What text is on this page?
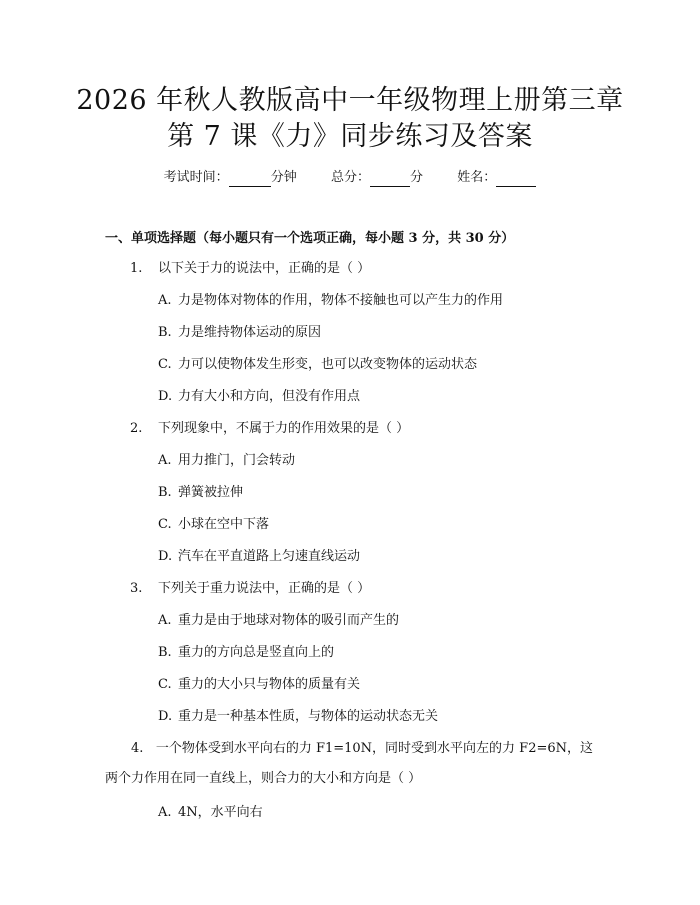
2026 年秋人教版高中一年级物理上册第三章
第 7 课《力》同步练习及答案
考试时间：	分钟	总分：	分	姓名：
一、单项选择题（每小题只有一个选项正确，每小题 3 分，共 30 分）
1. 以下关于力的说法中，正确的是（ ）
A. 力是物体对物体的作用，物体不接触也可以产生力的作用
B. 力是维持物体运动的原因
C. 力可以使物体发生形变，也可以改变物体的运动状态
D. 力有大小和方向，但没有作用点
2. 下列现象中，不属于力的作用效果的是（ ）
A. 用力推门，门会转动
B. 弹簧被拉伸
C. 小球在空中下落
D. 汽车在平直道路上匀速直线运动
3. 下列关于重力说法中，正确的是（ ）
A. 重力是由于地球对物体的吸引而产生的
B. 重力的方向总是竖直向上的
C. 重力的大小只与物体的质量有关
D. 重力是一种基本性质，与物体的运动状态无关
4. 一个物体受到水平向右的力 F1=10N，同时受到水平向左的力 F2=6N，这两个力作用在同一直线上，则合力的大小和方向是（ ）
A. 4N，水平向右
